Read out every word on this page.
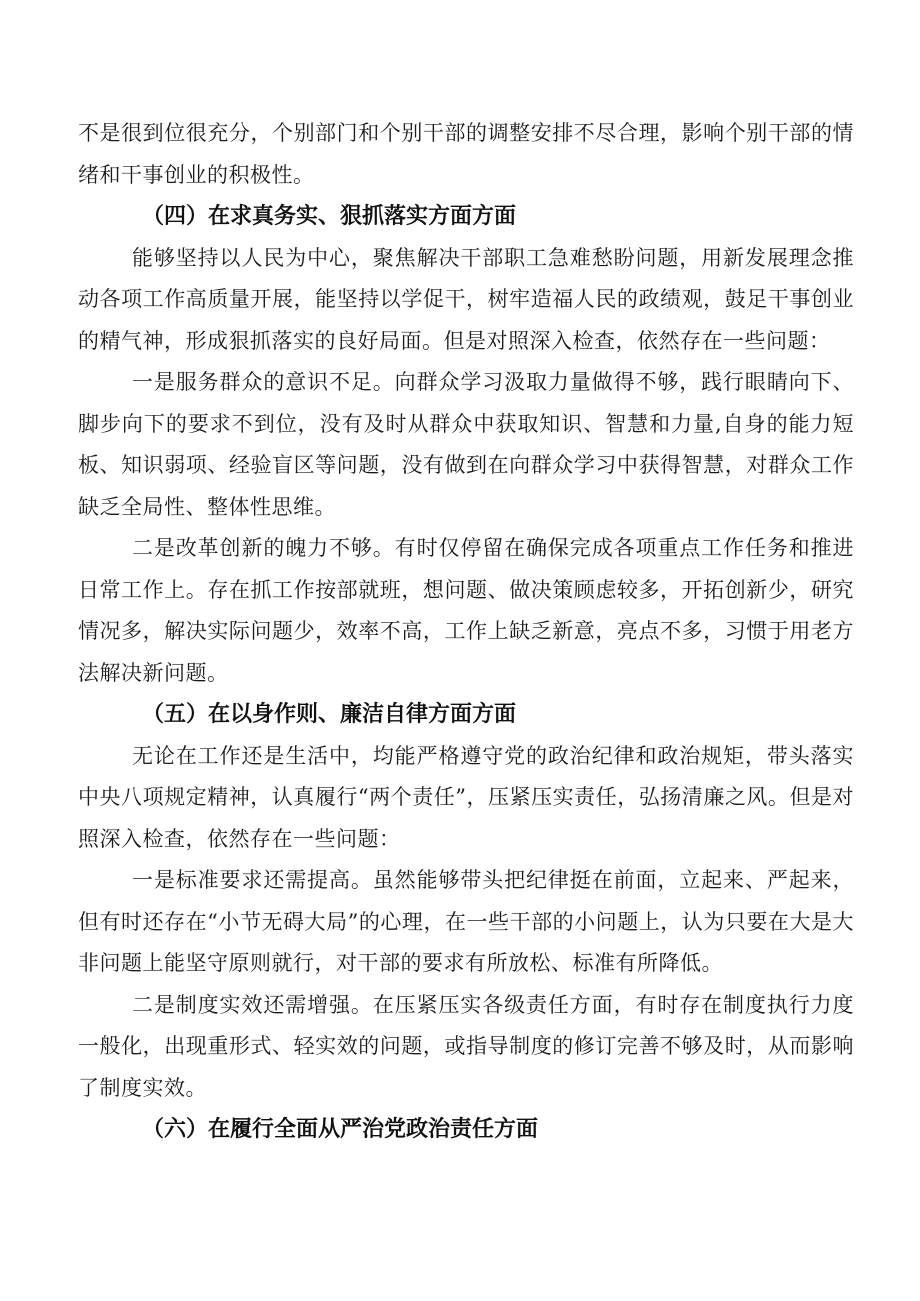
不是很到位很充分，个别部门和个别干部的调整安排不尽合理，影响个别干部的情绪和干事创业的积极性。

（四）在求真务实、狠抓落实方面方面

能够坚持以人民为中心，聚焦解决干部职工急难愁盼问题，用新发展理念推动各项工作高质量开展，能坚持以学促干，树牢造福人民的政绩观，鼓足干事创业的精气神，形成狠抓落实的良好局面。但是对照深入检查，依然存在一些问题：

一是服务群众的意识不足。向群众学习汲取力量做得不够，践行眼睛向下、脚步向下的要求不到位，没有及时从群众中获取知识、智慧和力量,自身的能力短板、知识弱项、经验盲区等问题，没有做到在向群众学习中获得智慧，对群众工作缺乏全局性、整体性思维。

二是改革创新的魄力不够。有时仅停留在确保完成各项重点工作任务和推进日常工作上。存在抓工作按部就班，想问题、做决策顾虑较多，开拓创新少，研究情况多，解决实际问题少，效率不高，工作上缺乏新意，亮点不多，习惯于用老方法解决新问题。

（五）在以身作则、廉洁自律方面方面

无论在工作还是生活中，均能严格遵守党的政治纪律和政治规矩，带头落实中央八项规定精神，认真履行“两个责任”，压紧压实责任，弘扬清廉之风。但是对照深入检查，依然存在一些问题：

一是标准要求还需提高。虽然能够带头把纪律挺在前面，立起来、严起来，但有时还存在“小节无碍大局”的心理，在一些干部的小问题上，认为只要在大是大非问题上能坚守原则就行，对干部的要求有所放松、标准有所降低。

二是制度实效还需增强。在压紧压实各级责任方面，有时存在制度执行力度一般化，出现重形式、轻实效的问题，或指导制度的修订完善不够及时，从而影响了制度实效。

（六）在履行全面从严治党政治责任方面
